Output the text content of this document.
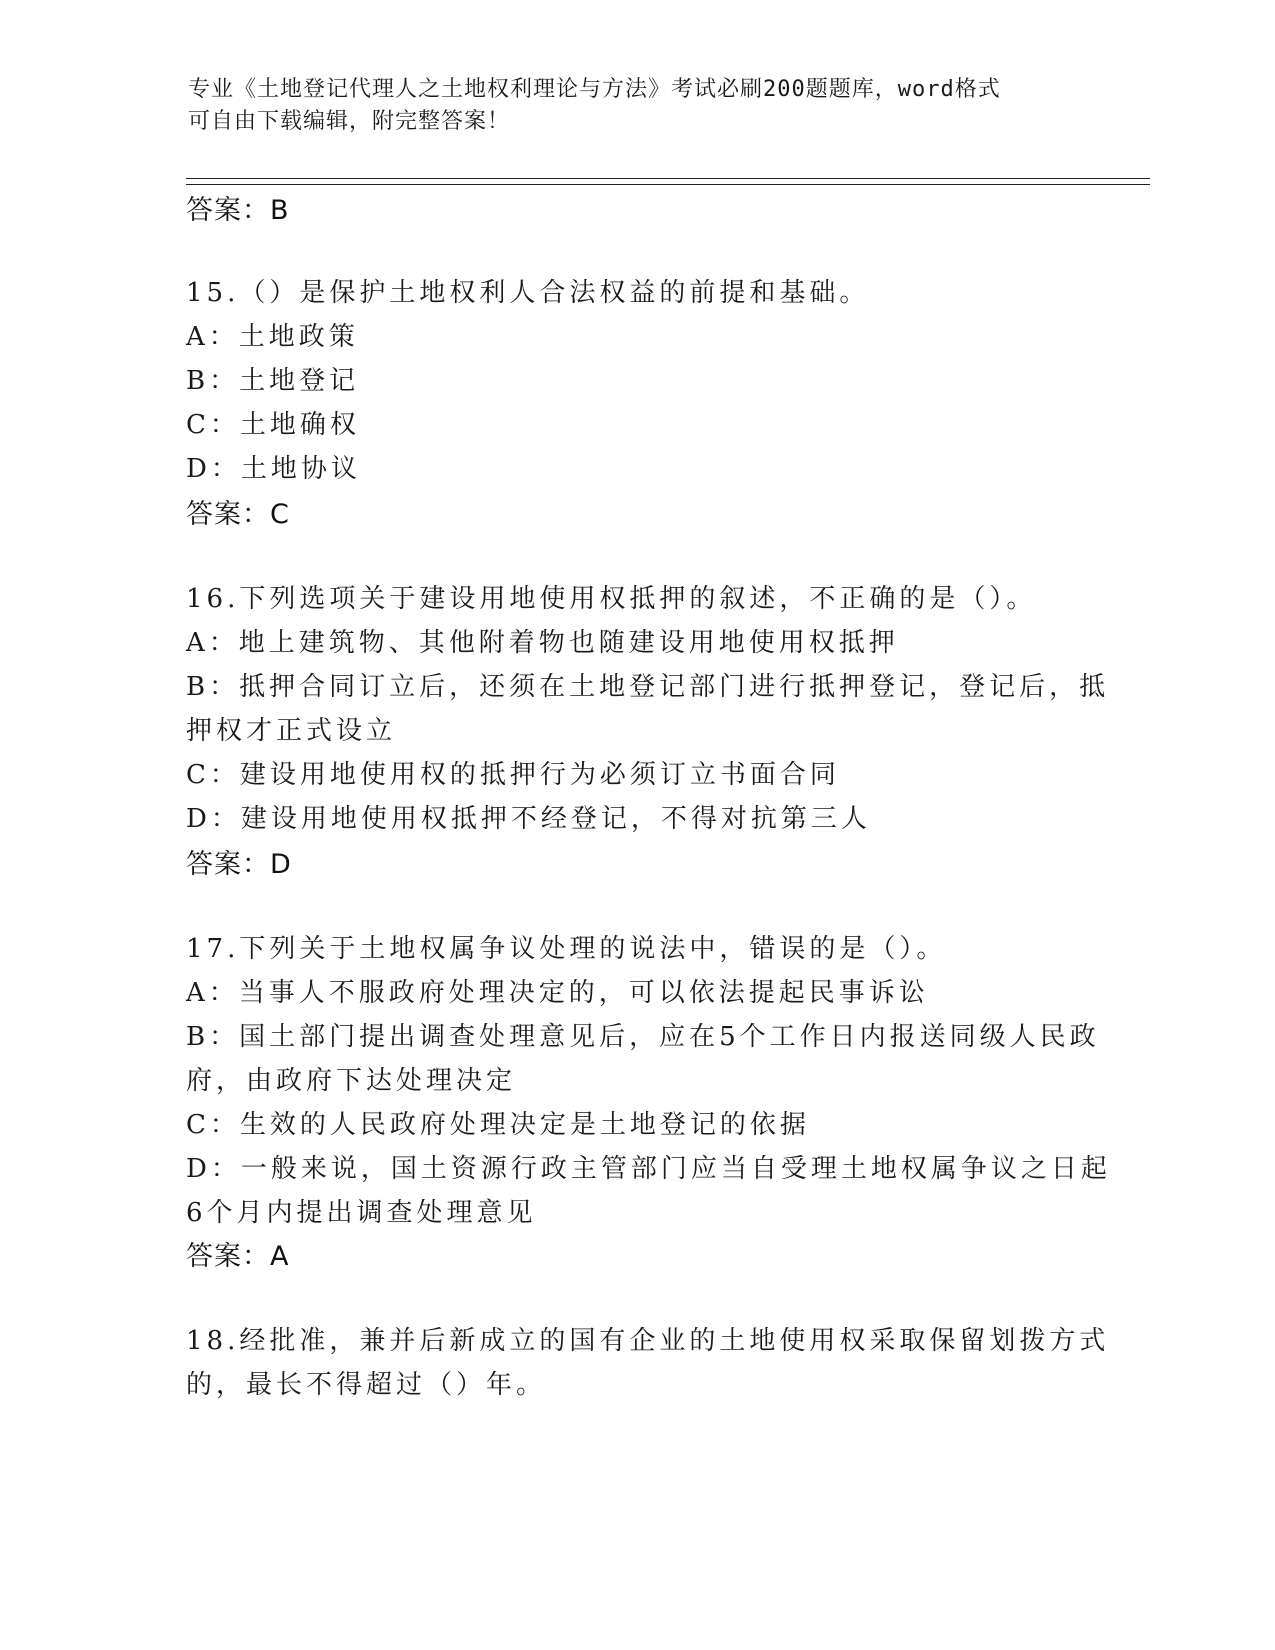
专业《土地登记代理人之土地权利理论与方法》考试必刷200题题库，word格式
可自由下载编辑，附完整答案！
答案：B
15.（）是保护土地权利人合法权益的前提和基础。
A：土地政策
B：土地登记
C：土地确权
D：土地协议
答案：C
16.下列选项关于建设用地使用权抵押的叙述，不正确的是（）。
A：地上建筑物、其他附着物也随建设用地使用权抵押
B：抵押合同订立后，还须在土地登记部门进行抵押登记，登记后，抵
押权才正式设立
C：建设用地使用权的抵押行为必须订立书面合同
D：建设用地使用权抵押不经登记，不得对抗第三人
答案：D
17.下列关于土地权属争议处理的说法中，错误的是（）。
A：当事人不服政府处理决定的，可以依法提起民事诉讼
B：国土部门提出调查处理意见后，应在5个工作日内报送同级人民政
府，由政府下达处理决定
C：生效的人民政府处理决定是土地登记的依据
D：一般来说，国土资源行政主管部门应当自受理土地权属争议之日起
6个月内提出调查处理意见
答案：A
18.经批准，兼并后新成立的国有企业的土地使用权采取保留划拨方式
的，最长不得超过（）年。
